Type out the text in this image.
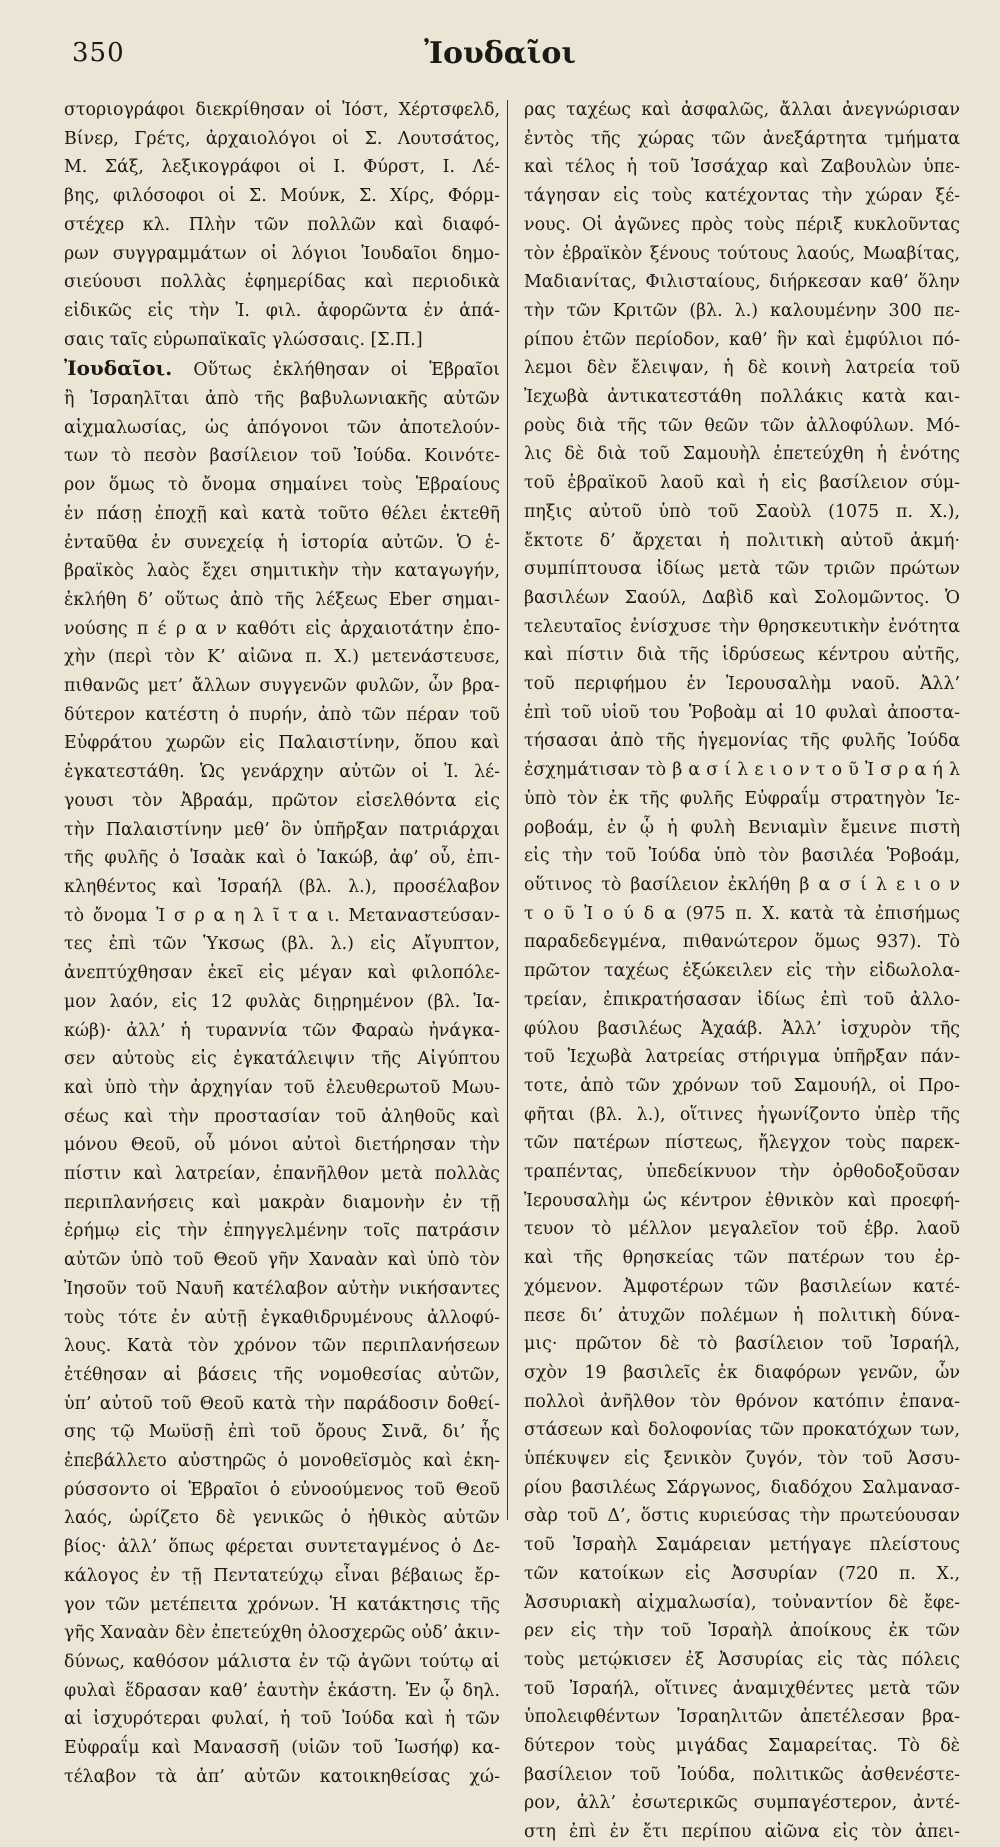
350	Ἰουδαῖοι
στοριογράφοι διεκρίθησαν οἱ Ἰόστ, Χέρτσφελδ,
Βίνερ, Γρέτς, ἀρχαιολόγοι οἱ Σ. Λουτσάτος,
Μ. Σάξ, λεξικογράφοι οἱ Ι. Φύρστ, Ι. Λέ-
βης, φιλόσοφοι οἱ Σ. Μούνκ, Σ. Χίρς, Φόρμ-
στέχερ κλ. Πλὴν τῶν πολλῶν καὶ διαφό-
ρων συγγραμμάτων οἱ λόγιοι Ἰουδαῖοι δημο-
σιεύουσι πολλὰς ἐφημερίδας καὶ περιοδικὰ
εἰδικῶς εἰς τὴν Ἰ. φιλ. ἀφορῶντα ἐν ἁπά-
σαις ταῖς εὐρωπαϊκαῖς γλώσσαις. [Σ.Π.]
Ἰουδαῖοι. Οὕτως ἐκλήθησαν οἱ Ἑβραῖοι
ἢ Ἰσραηλῖται ἀπὸ τῆς βαβυλωνιακῆς αὐτῶν
αἰχμαλωσίας, ὡς ἀπόγονοι τῶν ἀποτελούν-
των τὸ πεσὸν βασίλειον τοῦ Ἰούδα. Κοινότε-
ρον ὅμως τὸ ὄνομα σημαίνει τοὺς Ἑβραίους
ἐν πάσῃ ἐποχῇ καὶ κατὰ τοῦτο θέλει ἐκτεθῆ
ἐνταῦθα ἐν συνεχείᾳ ἡ ἱστορία αὐτῶν. Ὁ ἑ-
βραϊκὸς λαὸς ἔχει σημιτικὴν τὴν καταγωγήν,
ἐκλήθη δ’ οὕτως ἀπὸ τῆς λέξεως Eber σημαι-
νούσης π έ ρ α ν καθότι εἰς ἀρχαιοτάτην ἐπο-
χὴν (περὶ τὸν Κ’ αἰῶνα π. Χ.) μετενάστευσε,
πιθανῶς μετ’ ἄλλων συγγενῶν φυλῶν, ὧν βρα-
δύτερον κατέστη ὁ πυρήν, ἀπὸ τῶν πέραν τοῦ
Εὐφράτου χωρῶν εἰς Παλαιστίνην, ὅπου καὶ
ἐγκατεστάθη. Ὡς γενάρχην αὐτῶν οἱ Ἰ. λέ-
γουσι τὸν Ἀβραάμ, πρῶτον εἰσελθόντα εἰς
τὴν Παλαιστίνην μεθ’ ὃν ὑπῆρξαν πατριάρχαι
τῆς φυλῆς ὁ Ἰσαὰκ καὶ ὁ Ἰακώβ, ἀφ’ οὗ, ἐπι-
κληθέντος καὶ Ἰσραήλ (βλ. λ.), προσέλαβον
τὸ ὄνομα Ἰ σ ρ α η λ ῖ τ α ι. Μεταναστεύσαν-
τες ἐπὶ τῶν Ὑκσως (βλ. λ.) εἰς Αἴγυπτον,
ἀνεπτύχθησαν ἐκεῖ εἰς μέγαν καὶ φιλοπόλε-
μον λαόν, εἰς 12 φυλὰς διῃρημένον (βλ. Ἰα-
κώβ)· ἀλλ’ ἡ τυραννία τῶν Φαραὼ ἠνάγκα-
σεν αὐτοὺς εἰς ἐγκατάλειψιν τῆς Αἰγύπτου
καὶ ὑπὸ τὴν ἀρχηγίαν τοῦ ἐλευθερωτοῦ Μωυ-
σέως καὶ τὴν προστασίαν τοῦ ἀληθοῦς καὶ
μόνου Θεοῦ, οὗ μόνοι αὐτοὶ διετήρησαν τὴν
πίστιν καὶ λατρείαν, ἐπανῆλθον μετὰ πολλὰς
περιπλανήσεις καὶ μακρὰν διαμονὴν ἐν τῇ
ἐρήμῳ εἰς τὴν ἐπηγγελμένην τοῖς πατράσιν
αὐτῶν ὑπὸ τοῦ Θεοῦ γῆν Χαναὰν καὶ ὑπὸ τὸν
Ἰησοῦν τοῦ Ναυῆ κατέλαβον αὐτὴν νικήσαντες
τοὺς τότε ἐν αὐτῇ ἐγκαθιδρυμένους ἀλλοφύ-
λους. Κατὰ τὸν χρόνον τῶν περιπλανήσεων
ἐτέθησαν αἱ βάσεις τῆς νομοθεσίας αὐτῶν,
ὑπ’ αὐτοῦ τοῦ Θεοῦ κατὰ τὴν παράδοσιν δοθεί-
σης τῷ Μωϋσῇ ἐπὶ τοῦ ὄρους Σινᾶ, δι’ ἧς
ἐπεβάλλετο αὐστηρῶς ὁ μονοθεϊσμὸς καὶ ἐκη-
ρύσσοντο οἱ Ἑβραῖοι ὁ εὐνοούμενος τοῦ Θεοῦ
λαός, ὡρίζετο δὲ γενικῶς ὁ ἠθικὸς αὐτῶν
βίος· ἀλλ’ ὅπως φέρεται συντεταγμένος ὁ Δε-
κάλογος ἐν τῇ Πεντατεύχῳ εἶναι βέβαιως ἔρ-
γον τῶν μετέπειτα χρόνων. Ἡ κατάκτησις τῆς
γῆς Χαναὰν δὲν ἐπετεύχθη ὁλοσχερῶς οὐδ’ ἀκιν-
δύνως, καθόσον μάλιστα ἐν τῷ ἀγῶνι τούτῳ αἱ
φυλαὶ ἕδρασαν καθ’ ἑαυτὴν ἑκάστη. Ἐν ᾧ δηλ.
αἱ ἰσχυρότεραι φυλαί, ἡ τοῦ Ἰούδα καὶ ἡ τῶν
Εὐφραΐμ καὶ Μανασσῆ (υἱῶν τοῦ Ἰωσήφ) κα-
τέλαβον τὰ ἀπ’ αὐτῶν κατοικηθείσας χώ-
ρας ταχέως καὶ ἀσφαλῶς, ἄλλαι ἀνεγνώρισαν
ἐντὸς τῆς χώρας τῶν ἀνεξάρτητα τμήματα
καὶ τέλος ἡ τοῦ Ἰσσάχαρ καὶ Ζαβουλὼν ὑπε-
τάγησαν εἰς τοὺς κατέχοντας τὴν χώραν ξέ-
νους. Οἱ ἀγῶνες πρὸς τοὺς πέριξ κυκλοῦντας
τὸν ἑβραϊκὸν ξένους τούτους λαούς, Μωαβίτας,
Μαδιανίτας, Φιλισταίους, διήρκεσαν καθ’ ὅλην
τὴν τῶν Κριτῶν (βλ. λ.) καλουμένην 300 πε-
ρίπου ἐτῶν περίοδον, καθ’ ἣν καὶ ἐμφύλιοι πό-
λεμοι δὲν ἔλειψαν, ἡ δὲ κοινὴ λατρεία τοῦ
Ἰεχωβὰ ἀντικατεστάθη πολλάκις κατὰ και-
ροὺς διὰ τῆς τῶν θεῶν τῶν ἀλλοφύλων. Μό-
λις δὲ διὰ τοῦ Σαμουὴλ ἐπετεύχθη ἡ ἑνότης
τοῦ ἑβραϊκοῦ λαοῦ καὶ ἡ εἰς βασίλειον σύμ-
πηξις αὐτοῦ ὑπὸ τοῦ Σαοὺλ (1075 π. Χ.),
ἔκτοτε δ’ ἄρχεται ἡ πολιτικὴ αὐτοῦ ἀκμή·
συμπίπτουσα ἰδίως μετὰ τῶν τριῶν πρώτων
βασιλέων Σαούλ, Δαβὶδ καὶ Σολομῶντος. Ὁ
τελευταῖος ἐνίσχυσε τὴν θρησκευτικὴν ἑνότητα
καὶ πίστιν διὰ τῆς ἱδρύσεως κέντρου αὐτῆς,
τοῦ περιφήμου ἐν Ἱερουσαλὴμ ναοῦ. Ἀλλ’
ἐπὶ τοῦ υἱοῦ του Ῥοβοὰμ αἱ 10 φυλαὶ ἀποστα-
τήσασαι ἀπὸ τῆς ἡγεμονίας τῆς φυλῆς Ἰούδα
ἐσχημάτισαν τὸ β α σ ί λ ε ι ο ν τ ο ῦ Ἰ σ ρ α ή λ
ὑπὸ τὸν ἐκ τῆς φυλῆς Εὐφραΐμ στρατηγὸν Ἱε-
ροβοάμ, ἐν ᾧ ἡ φυλὴ Βενιαμὶν ἔμεινε πιστὴ
εἰς τὴν τοῦ Ἰούδα ὑπὸ τὸν βασιλέα Ῥοβοάμ,
οὕτινος τὸ βασίλειον ἐκλήθη β α σ ί λ ε ι ο ν
τ ο ῦ Ἰ ο ύ δ α (975 π. Χ. κατὰ τὰ ἐπισήμως
παραδεδεγμένα, πιθανώτερον ὅμως 937). Τὸ
πρῶτον ταχέως ἐξώκειλεν εἰς τὴν εἰδωλολα-
τρείαν, ἐπικρατήσασαν ἰδίως ἐπὶ τοῦ ἀλλο-
φύλου βασιλέως Ἀχαάβ. Ἀλλ’ ἰσχυρὸν τῆς
τοῦ Ἰεχωβὰ λατρείας στήριγμα ὑπῆρξαν πάν-
τοτε, ἀπὸ τῶν χρόνων τοῦ Σαμουήλ, οἱ Προ-
φῆται (βλ. λ.), οἵτινες ἠγωνίζοντο ὑπὲρ τῆς
τῶν πατέρων πίστεως, ἤλεγχον τοὺς παρεκ-
τραπέντας, ὑπεδείκνυον τὴν ὀρθοδοξοῦσαν
Ἱερουσαλὴμ ὡς κέντρον ἐθνικὸν καὶ προεφή-
τευον τὸ μέλλον μεγαλεῖον τοῦ ἑβρ. λαοῦ
καὶ τῆς θρησκείας τῶν πατέρων του ἐρ-
χόμενον. Ἀμφοτέρων τῶν βασιλείων κατέ-
πεσε δι’ ἀτυχῶν πολέμων ἡ πολιτικὴ δύνα-
μις· πρῶτον δὲ τὸ βασίλειον τοῦ Ἰσραήλ,
σχὸν 19 βασιλεῖς ἐκ διαφόρων γενῶν, ὧν
πολλοὶ ἀνῆλθον τὸν θρόνον κατόπιν ἐπανα-
στάσεων καὶ δολοφονίας τῶν προκατόχων των,
ὑπέκυψεν εἰς ξενικὸν ζυγόν, τὸν τοῦ Ἀσσυ-
ρίου βασιλέως Σάργωνος, διαδόχου Σαλμανασ-
σὰρ τοῦ Δ’, ὅστις κυριεύσας τὴν πρωτεύουσαν
τοῦ Ἰσραὴλ Σαμάρειαν μετήγαγε πλείστους
τῶν κατοίκων εἰς Ἀσσυρίαν (720 π. Χ.,
Ἀσσυριακὴ αἰχμαλωσία), τοὐναντίον δὲ ἔφε-
ρεν εἰς τὴν τοῦ Ἰσραὴλ ἀποίκους ἐκ τῶν
τοὺς μετῴκισεν ἐξ Ἀσσυρίας εἰς τὰς πόλεις
τοῦ Ἰσραήλ, οἵτινες ἀναμιχθέντες μετὰ τῶν
ὑπολειφθέντων Ἰσραηλιτῶν ἀπετέλεσαν βρα-
δύτερον τοὺς μιγάδας Σαμαρείτας. Τὸ δὲ
βασίλειον τοῦ Ἰούδα, πολιτικῶς ἀσθενέστε-
ρον, ἀλλ’ ἐσωτερικῶς συμπαγέστερον, ἀντέ-
στη ἐπὶ ἐν ἔτι περίπου αἰῶνα εἰς τὸν ἀπει-
